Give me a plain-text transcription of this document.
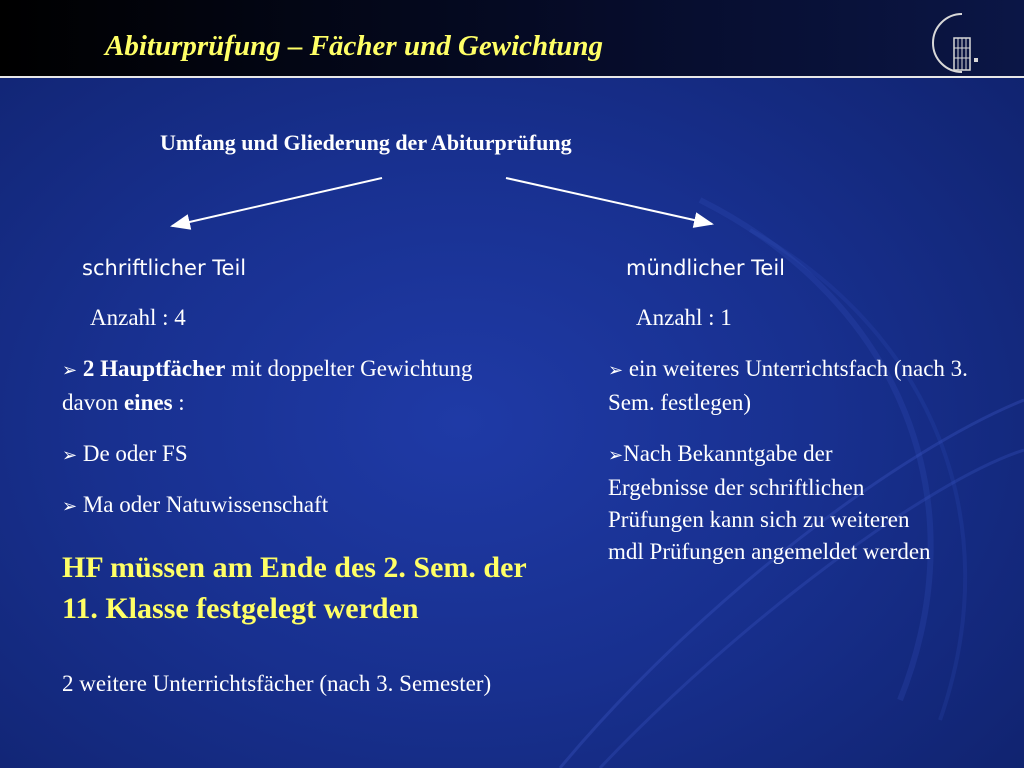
Abiturprüfung – Fächer und Gewichtung
Umfang und Gliederung der Abiturprüfung
schriftlicher Teil
Anzahl : 4
➢ 2 Hauptfächer mit doppelter Gewichtung davon eines :
➢ De oder FS
➢ Ma oder Natuwissenschaft
HF müssen am Ende des 2. Sem. der 11. Klasse festgelegt werden
2 weitere Unterrichtsfächer (nach 3. Semester)
mündlicher Teil
Anzahl : 1
➢ ein weiteres Unterrichtsfach (nach 3. Sem. festlegen)
➢Nach Bekanntgabe der Ergebnisse der schriftlichen Prüfungen kann sich zu weiteren mdl Prüfungen angemeldet werden
